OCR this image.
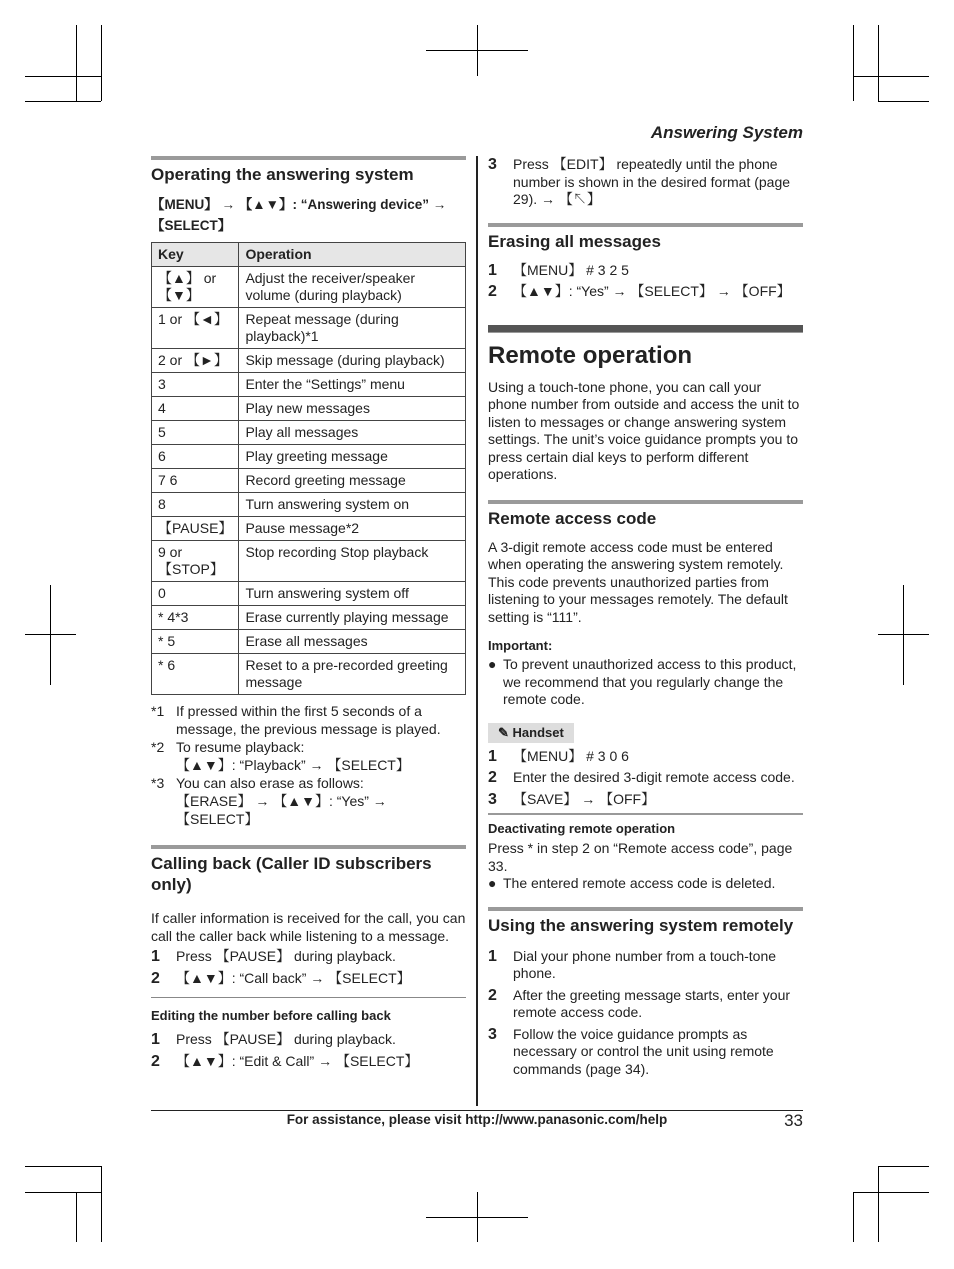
Answering System
Operating the answering system
【MENU】 → 【▲▼】: “Answering device” →
【SELECT】
Key	Operation
【▲】 or 【▼】	Adjust the receiver/speaker volume (during playback)
1 or 【◄】	Repeat message (during playback)*1
2 or 【►】	Skip message (during playback)
3	Enter the “Settings” menu
4	Play new messages
5	Play all messages
6	Play greeting message
7 6	Record greeting message
8	Turn answering system on
【PAUSE】	Pause message*2
9 or 【STOP】	Stop recording Stop playback
0	Turn answering system off
* 4*3	Erase currently playing message
* 5	Erase all messages
* 6	Reset to a pre-recorded greeting message
*1 If pressed within the first 5 seconds of a message, the previous message is played.
*2 To resume playback:
【▲▼】: “Playback” → 【SELECT】
*3 You can also erase as follows:
【ERASE】 → 【▲▼】: “Yes” → 【SELECT】
Calling back (Caller ID subscribers only)

If caller information is received for the call, you can call the caller back while listening to a message.

1	Press 【PAUSE】 during playback.
2	【▲▼】: “Call back” → 【SELECT】
Editing the number before calling back
1	Press 【PAUSE】 during playback.
2	【▲▼】: “Edit & Call” → 【SELECT】
3	Press 【EDIT】 repeatedly until the phone number is shown in the desired format (page 29). → 【↖】
Erasing all messages
1	【MENU】 # 3 2 5
2	【▲▼】: “Yes” → 【SELECT】 → 【OFF】
Remote operation

Using a touch-tone phone, you can call your phone number from outside and access the unit to listen to messages or change answering system settings. The unit’s voice guidance prompts you to press certain dial keys to perform different operations.

Remote access code

A 3-digit remote access code must be entered when operating the answering system remotely. This code prevents unauthorized parties from listening to your messages remotely. The default setting is “111”.

Important:
● To prevent unauthorized access to this product, we recommend that you regularly change the remote code.
✎ Handset
1	【MENU】 # 3 0 6
2	Enter the desired 3-digit remote access code.
3	【SAVE】 → 【OFF】
Deactivating remote operation

Press * in step 2 on “Remote access code”, page 33.

● The entered remote access code is deleted.
Using the answering system remotely
1	Dial your phone number from a touch-tone phone.
2	After the greeting message starts, enter your remote access code.
3	Follow the voice guidance prompts as necessary or control the unit using remote commands (page 34).
For assistance, please visit http://www.panasonic.com/help	33
